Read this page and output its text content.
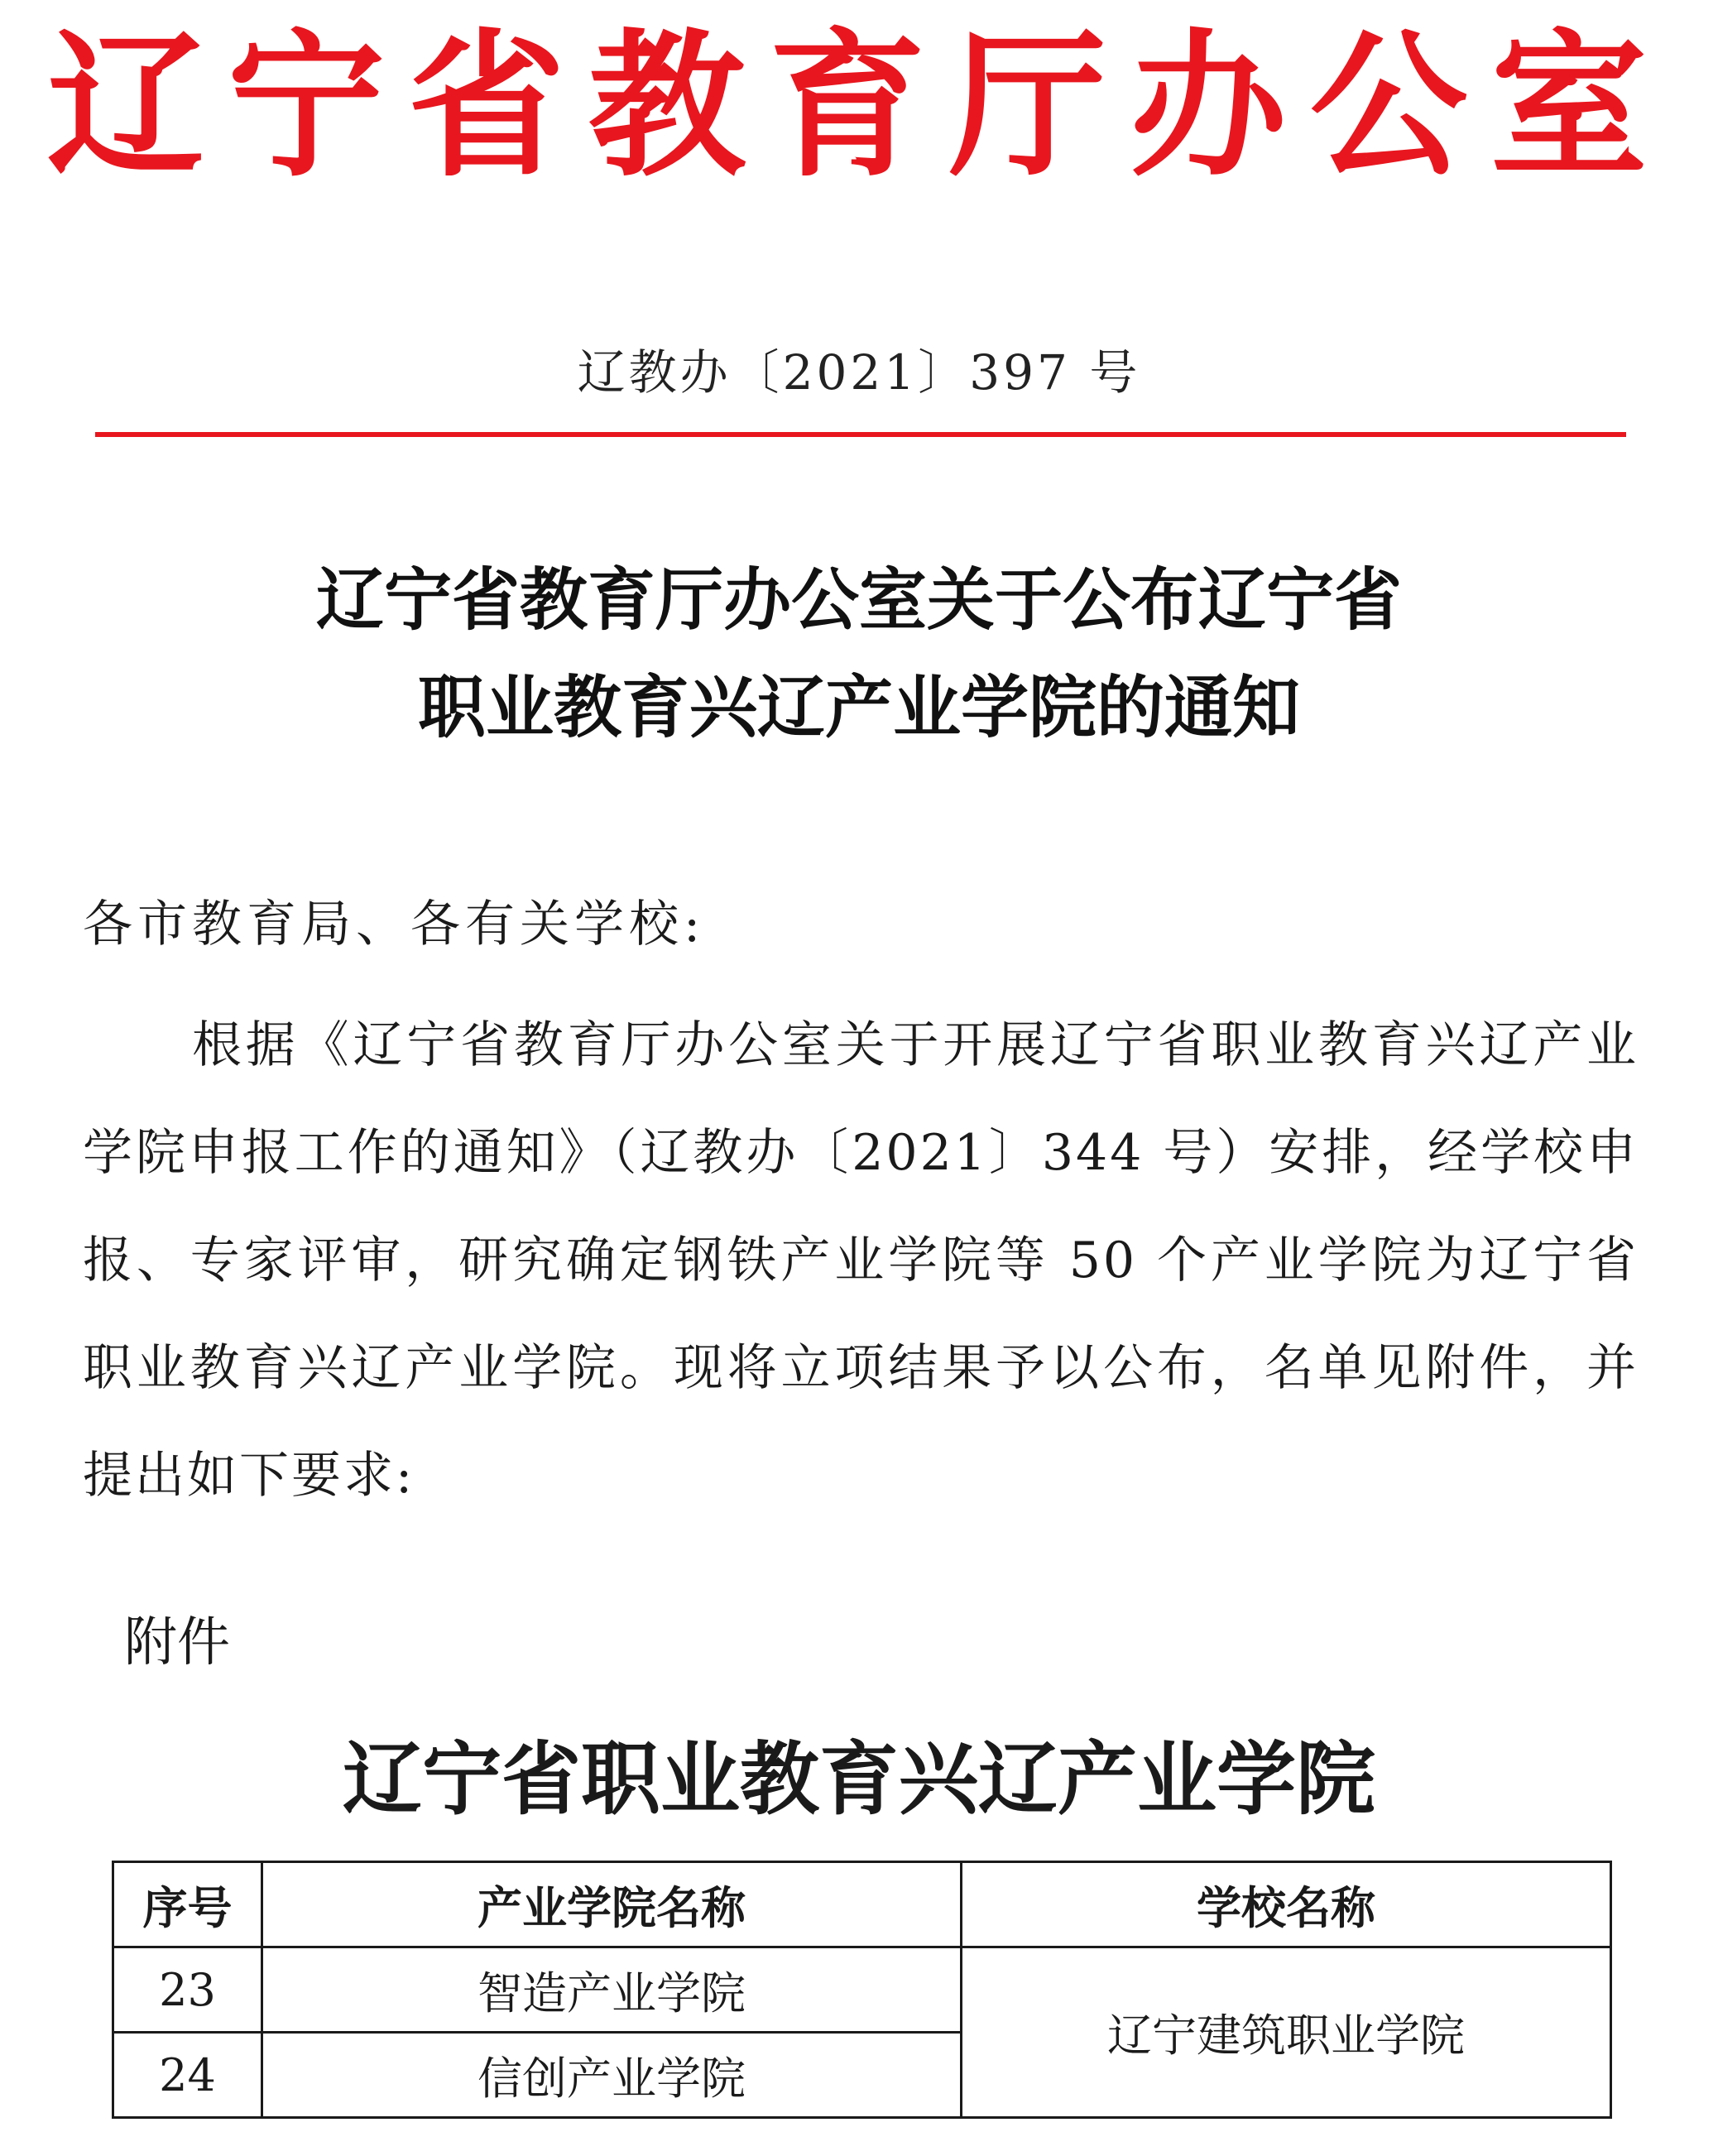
辽宁省教育厅办公室
辽教办〔2021〕397 号
辽宁省教育厅办公室关于公布辽宁省
职业教育兴辽产业学院的通知
各市教育局、各有关学校:
根据《辽宁省教育厅办公室关于开展辽宁省职业教育兴辽产业学院申报工作的通知》（辽教办〔2021〕344 号）安排，经学校申报、专家评审，研究确定钢铁产业学院等 50 个产业学院为辽宁省职业教育兴辽产业学院。现将立项结果予以公布，名单见附件，并提出如下要求:
附件
辽宁省职业教育兴辽产业学院
序号	产业学院名称	学校名称
23	智造产业学院	辽宁建筑职业学院
24	信创产业学院	
